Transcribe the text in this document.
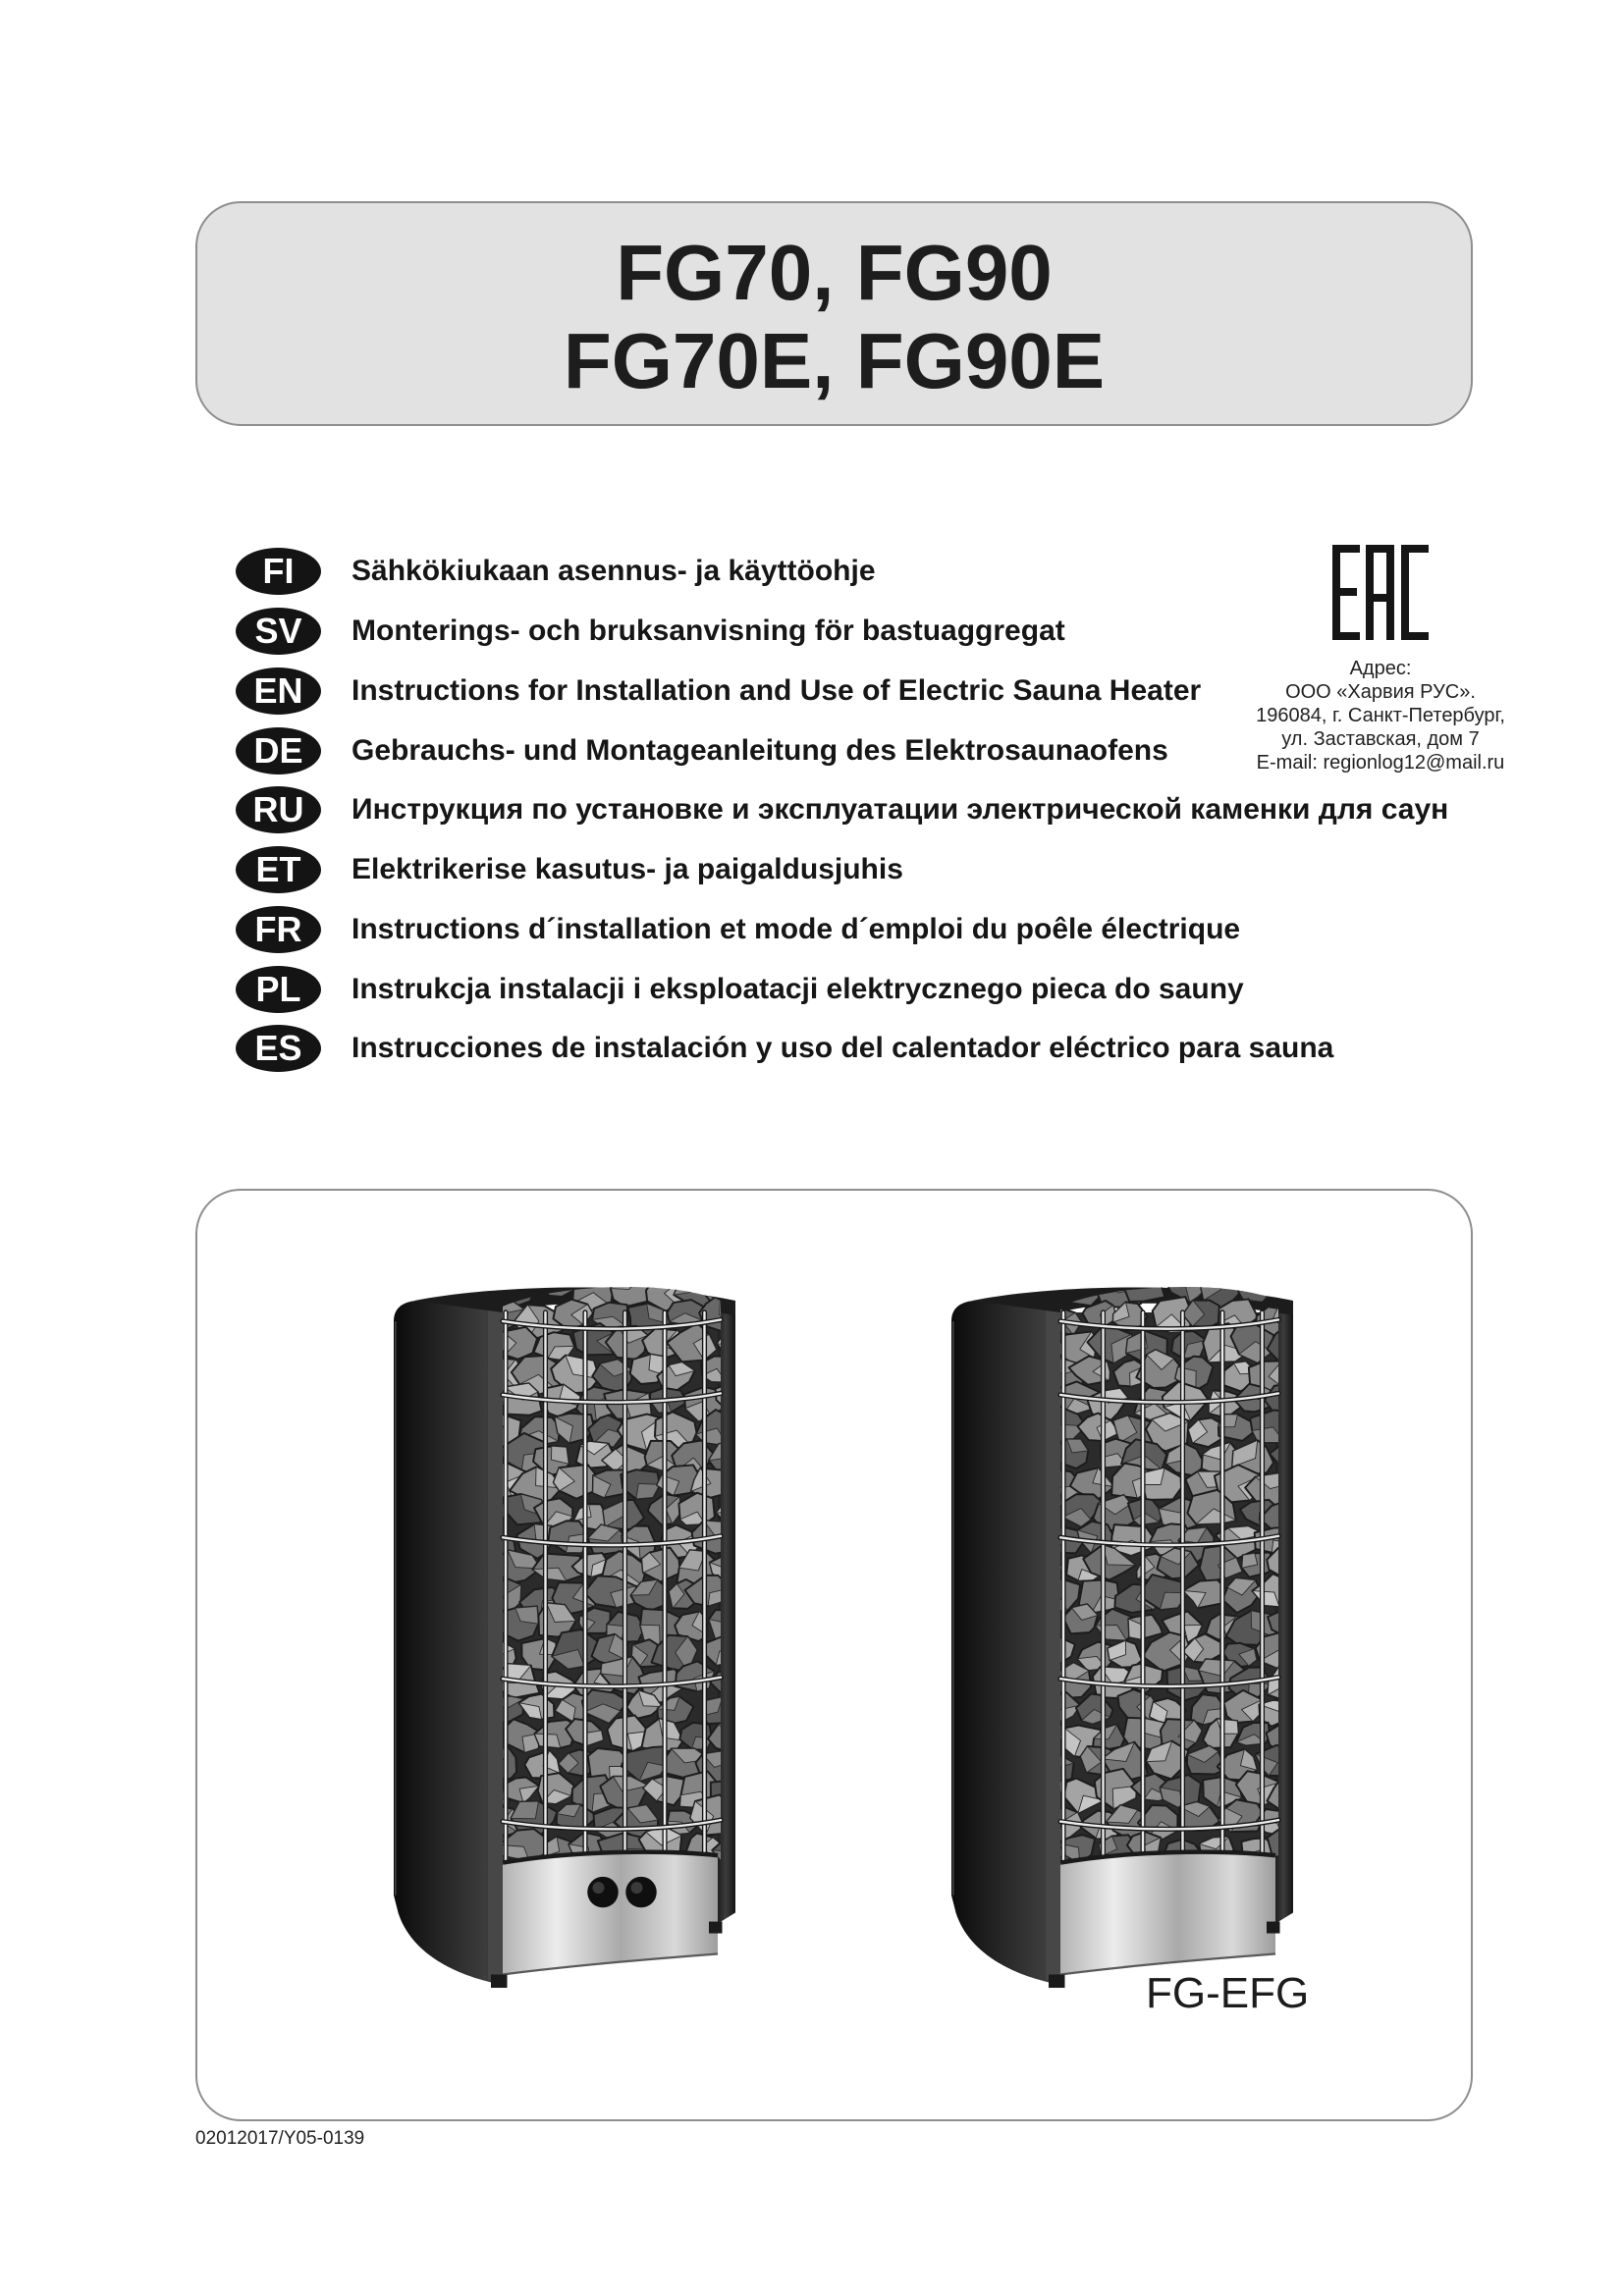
FG70, FG90
FG70E, FG90E
FI	Sähkökiukaan asennus- ja käyttöohje
SV	Monterings- och bruksanvisning för bastuaggregat
EN	Instructions for Installation and Use of Electric Sauna Heater
DE	Gebrauchs- und Montageanleitung des Elektrosaunaofens
RU	Инструкция по установке и эксплуатации электрической каменки для саун
ET	Elektrikerise kasutus- ja paigaldusjuhis
FR	Instructions d´installation et mode d´emploi du poêle électrique
PL	Instrukcja instalacji i eksploatacji elektrycznego pieca do sauny
ES	Instrucciones de instalación y uso del calentador eléctrico para sauna
Адрес:
ООО «Харвия РУС».
196084, г. Санкт-Петербург,
ул. Заставская, дом 7
E-mail: regionlog12@mail.ru
FG-EFG
02012017/Y05-0139
